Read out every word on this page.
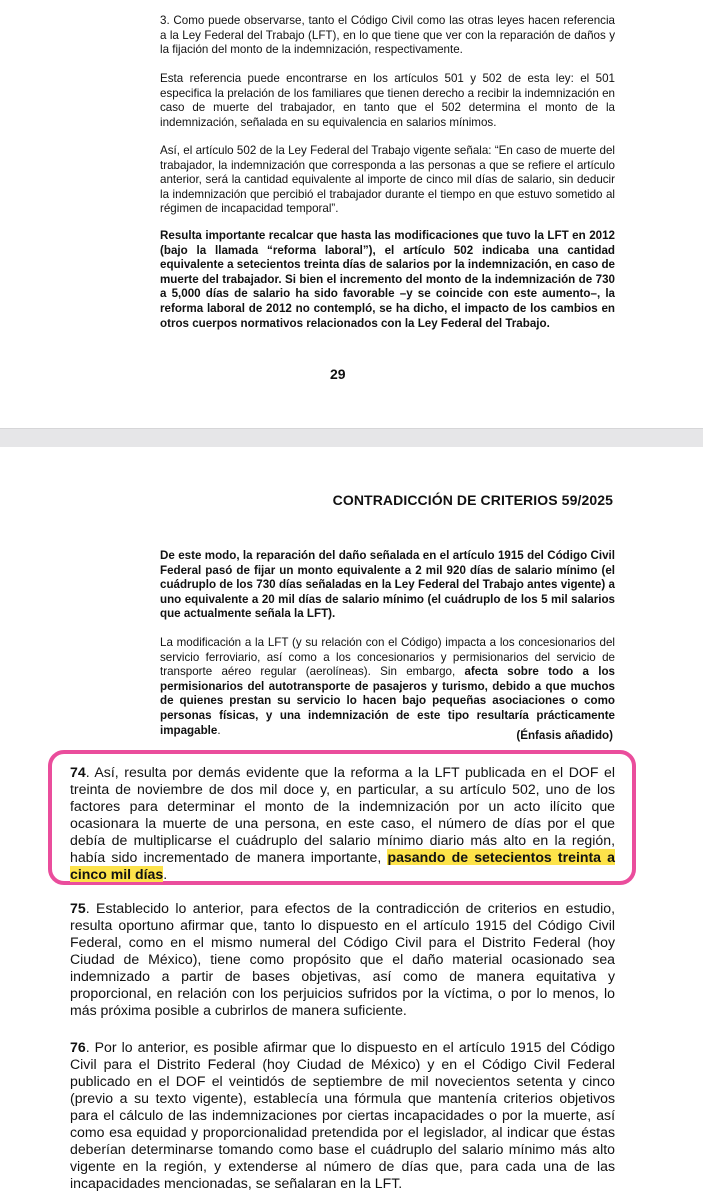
3. Como puede observarse, tanto el Código Civil como las otras leyes hacen referencia a la Ley Federal del Trabajo (LFT), en lo que tiene que ver con la reparación de daños y la fijación del monto de la indemnización, respectivamente.

Esta referencia puede encontrarse en los artículos 501 y 502 de esta ley: el 501 especifica la prelación de los familiares que tienen derecho a recibir la indemnización en caso de muerte del trabajador, en tanto que el 502 determina el monto de la indemnización, señalada en su equivalencia en salarios mínimos.

Así, el artículo 502 de la Ley Federal del Trabajo vigente señala: “En caso de muerte del trabajador, la indemnización que corresponda a las personas a que se refiere el artículo anterior, será la cantidad equivalente al importe de cinco mil días de salario, sin deducir la indemnización que percibió el trabajador durante el tiempo en que estuvo sometido al régimen de incapacidad temporal”.

Resulta importante recalcar que hasta las modificaciones que tuvo la LFT en 2012 (bajo la llamada “reforma laboral”), el artículo 502 indicaba una cantidad equivalente a setecientos treinta días de salarios por la indemnización, en caso de muerte del trabajador. Si bien el incremento del monto de la indemnización de 730 a 5,000 días de salario ha sido favorable –y se coincide con este aumento–, la reforma laboral de 2012 no contempló, se ha dicho, el impacto de los cambios en otros cuerpos normativos relacionados con la Ley Federal del Trabajo.

29
CONTRADICCIÓN DE CRITERIOS 59/2025

De este modo, la reparación del daño señalada en el artículo 1915 del Código Civil Federal pasó de fijar un monto equivalente a 2 mil 920 días de salario mínimo (el cuádruplo de los 730 días señaladas en la Ley Federal del Trabajo antes vigente) a uno equivalente a 20 mil días de salario mínimo (el cuádruplo de los 5 mil salarios que actualmente señala la LFT).

La modificación a la LFT (y su relación con el Código) impacta a los concesionarios del servicio ferroviario, así como a los concesionarios y permisionarios del servicio de transporte aéreo regular (aerolíneas). Sin embargo, afecta sobre todo a los permisionarios del autotransporte de pasajeros y turismo, debido a que muchos de quienes prestan su servicio lo hacen bajo pequeñas asociaciones o como personas físicas, y una indemnización de este tipo resultaría prácticamente impagable.	(Énfasis añadido)

74. Así, resulta por demás evidente que la reforma a la LFT publicada en el DOF el treinta de noviembre de dos mil doce y, en particular, a su artículo 502, uno de los factores para determinar el monto de la indemnización por un acto ilícito que ocasionara la muerte de una persona, en este caso, el número de días por el que debía de multiplicarse el cuádruplo del salario mínimo diario más alto en la región, había sido incrementado de manera importante, pasando de setecientos treinta a cinco mil días.

75. Establecido lo anterior, para efectos de la contradicción de criterios en estudio, resulta oportuno afirmar que, tanto lo dispuesto en el artículo 1915 del Código Civil Federal, como en el mismo numeral del Código Civil para el Distrito Federal (hoy Ciudad de México), tiene como propósito que el daño material ocasionado sea indemnizado a partir de bases objetivas, así como de manera equitativa y proporcional, en relación con los perjuicios sufridos por la víctima, o por lo menos, lo más próxima posible a cubrirlos de manera suficiente.

76. Por lo anterior, es posible afirmar que lo dispuesto en el artículo 1915 del Código Civil para el Distrito Federal (hoy Ciudad de México) y en el Código Civil Federal publicado en el DOF el veintidós de septiembre de mil novecientos setenta y cinco (previo a su texto vigente), establecía una fórmula que mantenía criterios objetivos para el cálculo de las indemnizaciones por ciertas incapacidades o por la muerte, así como esa equidad y proporcionalidad pretendida por el legislador, al indicar que éstas deberían determinarse tomando como base el cuádruplo del salario mínimo más alto vigente en la región, y extenderse al número de días que, para cada una de las incapacidades mencionadas, se señalaran en la LFT.
